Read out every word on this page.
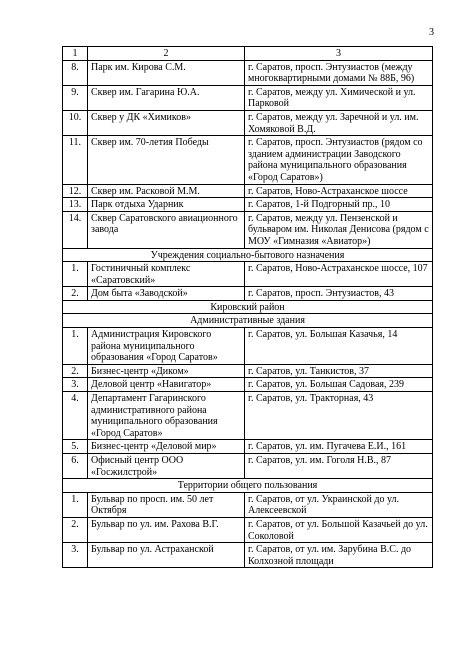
3
1	2	3
8.	Парк им. Кирова С.М.	г. Саратов, просп. Энтузиастов (между многоквартирными домами № 88Б, 96)
9.	Сквер им. Гагарина Ю.А.	г. Саратов, между ул. Химической и ул. Парковой
10.	Сквер у ДК «Химиков»	г. Саратов, между ул. Заречной и ул. им. Хомяковой В.Д.
11.	Сквер им. 70-летия Победы	г. Саратов, просп. Энтузиастов (рядом со зданием администрации Заводского района муниципального образования «Город Саратов»)
12.	Сквер им. Расковой М.М.	г. Саратов, Ново-Астраханское шоссе
13.	Парк отдыха Ударник	г. Саратов, 1-й Подгорный пр., 10
14.	Сквер Саратовского авиационного завода	г. Саратов, между ул. Пензенской и бульваром им. Николая Денисова (рядом с МОУ «Гимназия «Авиатор»)
Учреждения социально-бытового назначения		
1.	Гостиничный комплекс «Саратовский»	г. Саратов, Ново-Астраханское шоссе, 107
2.	Дом быта «Заводской»	г. Саратов, просп. Энтузиастов, 43
Кировский район		
Административные здания		
1.	Администрация Кировского района муниципального образования «Город Саратов»	г. Саратов, ул. Большая Казачья, 14
2.	Бизнес-центр «Диком»	г. Саратов, ул. Танкистов, 37
3.	Деловой центр «Навигатор»	г. Саратов, ул. Большая Садовая, 239
4.	Департамент Гагаринского административного района муниципального образования «Город Саратов»	г. Саратов, ул. Тракторная, 43
5.	Бизнес-центр «Деловой мир»	г. Саратов, ул. им. Пугачева Е.И., 161
6.	Офисный центр ООО «Госжилстрой»	г. Саратов, ул. им. Гоголя Н.В., 87
Территории общего пользования		
1.	Бульвар по просп. им. 50 лет Октября	г. Саратов, от ул. Украинской до ул. Алексеевской
2.	Бульвар по ул. им. Рахова В.Г.	г. Саратов, от ул. Большой Казачьей до ул. Соколовой
3.	Бульвар по ул. Астраханской	г. Саратов, от ул. им. Зарубина В.С. до Колхозной площади
